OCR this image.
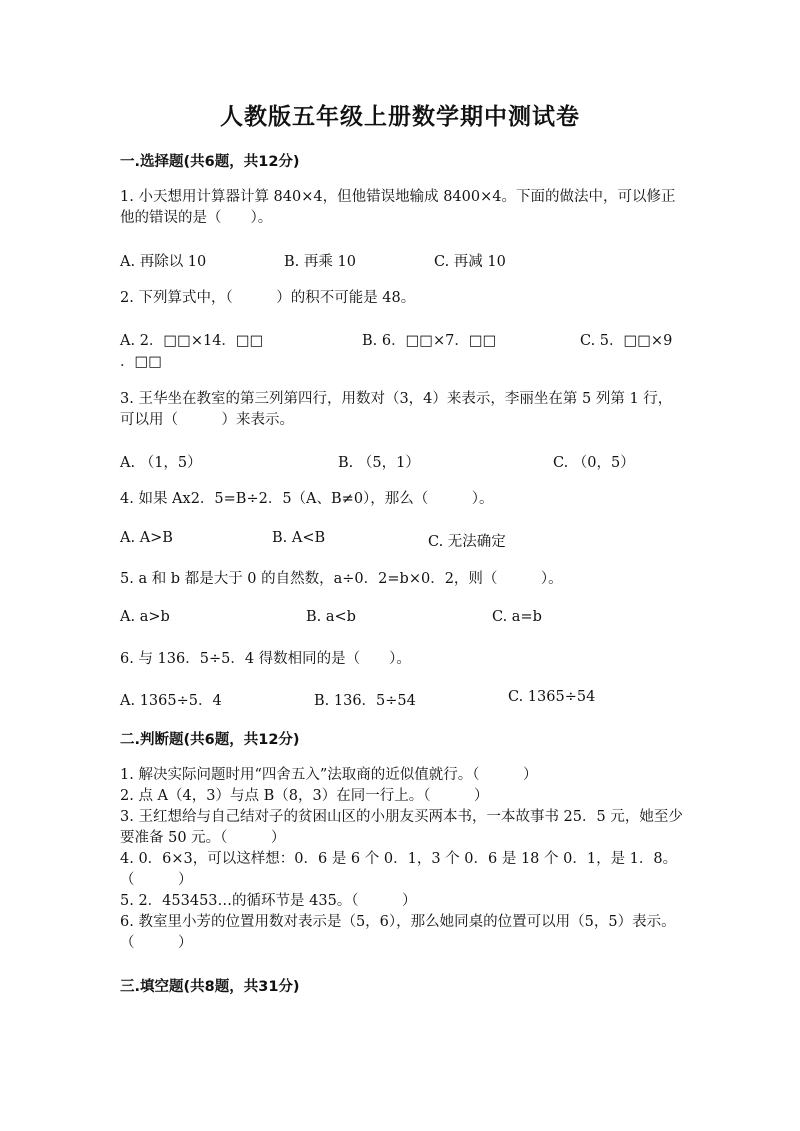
人教版五年级上册数学期中测试卷
一.选择题(共6题，共12分)
1. 小天想用计算器计算 840×4，但他错误地输成 8400×4。下面的做法中，可以修正他的错误的是（　　）。
A. 再除以 10	B. 再乘 10	C. 再减 10
2. 下列算式中，（　　　）的积不可能是 48。
A. 2．□□×14．□□	B. 6．□□×7．□□	C. 5．□□×9
．□□
3. 王华坐在教室的第三列第四行，用数对（3，4）来表示，李丽坐在第 5 列第 1 行，可以用（　　　）来表示。
A. （1，5）	B. （5，1）	C. （0，5）
4. 如果 Ax2．5=B÷2．5（A、B≠0），那么（　　　）。
A. A>B	B. A<B	C. 无法确定
5. a 和 b 都是大于 0 的自然数，a÷0．2=b×0．2，则（　　　）。
A. a>b	B. a<b	C. a=b
6. 与 136．5÷5．4 得数相同的是（　　）。
A. 1365÷5．4	B. 136．5÷54	C. 1365÷54
二.判断题(共6题，共12分)
1. 解决实际问题时用“四舍五入”法取商的近似值就行。（　　　）
2. 点 A（4，3）与点 B（8，3）在同一行上。（　　　）
3. 王红想给与自己结对子的贫困山区的小朋友买两本书，一本故事书 25．5 元，她至少要准备 50 元。（　　　）
4. 0．6×3，可以这样想：0．6 是 6 个 0．1，3 个 0．6 是 18 个 0．1，是 1．8。（　　　）
5. 2．453453…的循环节是 435。（　　　）
6. 教室里小芳的位置用数对表示是（5，6），那么她同桌的位置可以用（5，5）表示。（　　　）
三.填空题(共8题，共31分)
